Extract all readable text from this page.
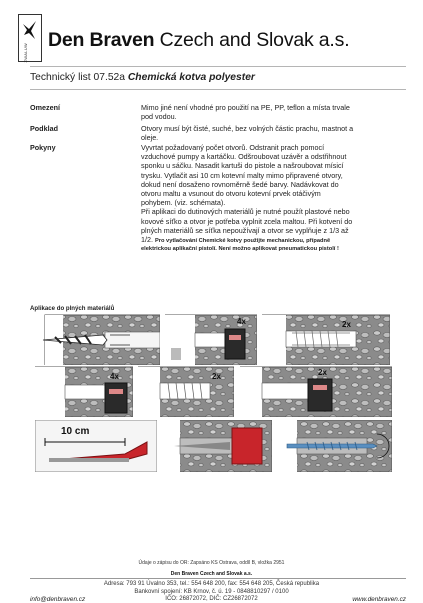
ZWALUW
Den Braven Czech and Slovak a.s.
Technický list 07.52a Chemická kotva polyester
Omezení	Mimo jiné není vhodné pro použití na PE, PP, teflon a místa trvale
pod vodou.
Podklad	Otvory musí být čisté, suché, bez volných částic prachu, mastnot a
oleje.
Pokyny	Vyvrtat požadovaný počet otvorů. Odstranit prach pomocí
vzduchové pumpy a kartáčku. Odšroubovat uzávěr a odstřihnout
sponku u sáčku. Nasadit kartuši do pistole a našroubovat mísicí
trysku. Vytlačit asi 10 cm kotevní malty mimo připravené otvory,
dokud není dosaženo rovnoměrně šedé barvy. Nadávkovat do
otvoru maltu a vsunout do otvoru kotevní prvek otáčivým
pohybem. (viz. schémata).
Při aplikaci do dutinových materiálů je nutné použít plastové nebo
kovové síťko a otvor je potřeba vyplnit zcela maltou. Při kotvení do
plných materiálů se síťka nepoužívají a otvor se vyplňuje z 1/3 až
1/2. Pro vytlačování Chemické kotvy použijte mechanickou, případně
elektrickou aplikační pistolí. Není možno aplikovat pneumatickou pistolí !
Aplikace do plných materiálů
4x	2x
4x	2x	2x
10 cm
Údaje o zápisu do OR: Zapsáno KS Ostrava, oddíl B, vložka 2951
Den Braven Czech and Slovak a.s.
Adresa: 793 91 Úvalno 353, tel.: 554 648 200, fax: 554 648 205, Česká republika
Bankovní spojení: KB Krnov, č. ú. 19 - 0848810297 / 0100
info@denbraven.cz	IČO: 26872072, DIČ: CZ26872072	www.denbraven.cz
